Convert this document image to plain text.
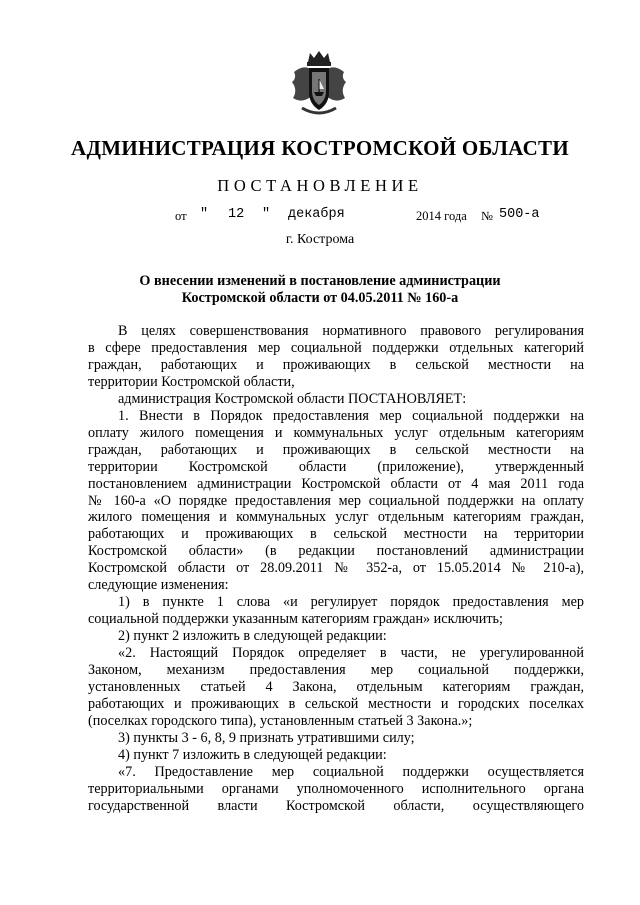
АДМИНИСТРАЦИЯ КОСТРОМСКОЙ ОБЛАСТИ
ПОСТАНОВЛЕНИЕ
от " 12 " декабря	2014 года № 500-а
г. Кострома
О внесении изменений в постановление администрации
Костромской области от 04.05.2011 № 160-а
В целях совершенствования нормативного правового регулирования
в сфере предоставления мер социальной поддержки отдельных категорий
граждан, работающих и проживающих в сельской местности на
территории Костромской области,
администрация Костромской области ПОСТАНОВЛЯЕТ:
1. Внести в Порядок предоставления мер социальной поддержки на
оплату жилого помещения и коммунальных услуг отдельным категориям
граждан, работающих и проживающих в сельской местности на
территории Костромской области (приложение), утвержденный
постановлением администрации Костромской области от 4 мая 2011 года
№ 160-а «О порядке предоставления мер социальной поддержки на оплату
жилого помещения и коммунальных услуг отдельным категориям граждан,
работающих и проживающих в сельской местности на территории
Костромской области» (в редакции постановлений администрации
Костромской области от 28.09.2011 № 352-а, от 15.05.2014 № 210-а),
следующие изменения:
1) в пункте 1 слова «и регулирует порядок предоставления мер
социальной поддержки указанным категориям граждан» исключить;
2) пункт 2 изложить в следующей редакции:
«2. Настоящий Порядок определяет в части, не урегулированной
Законом, механизм предоставления мер социальной поддержки,
установленных статьей 4 Закона, отдельным категориям граждан,
работающих и проживающих в сельской местности и городских поселках
(поселках городского типа), установленным статьей 3 Закона.»;
3) пункты 3 - 6, 8, 9 признать утратившими силу;
4) пункт 7 изложить в следующей редакции:
«7. Предоставление мер социальной поддержки осуществляется
территориальными органами уполномоченного исполнительного органа
государственной власти Костромской области, осуществляющего
